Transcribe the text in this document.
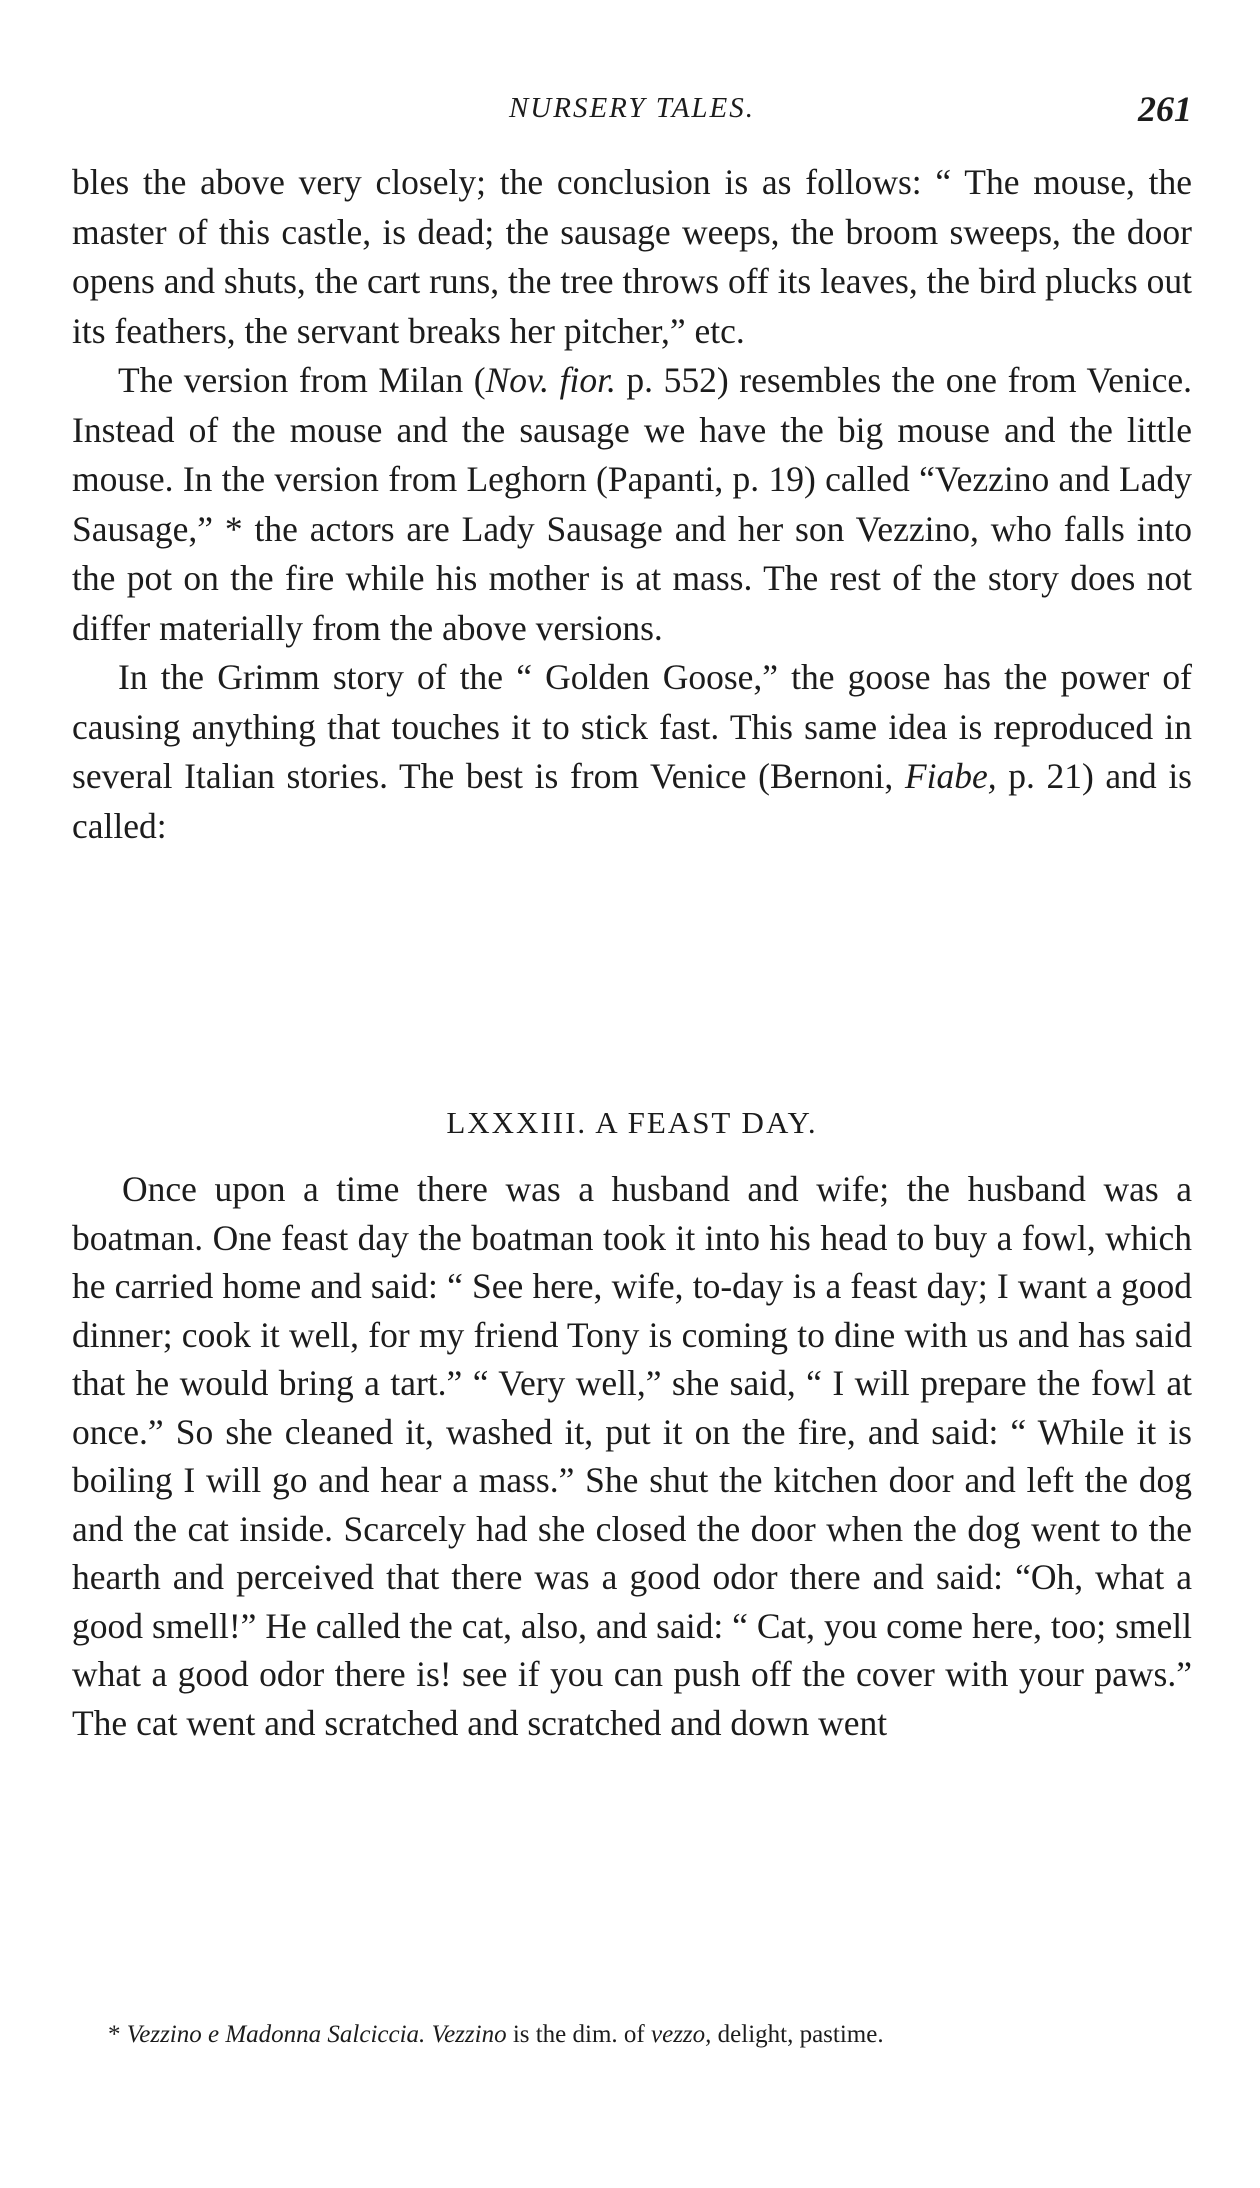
NURSERY TALES.	261

bles the above very closely; the conclusion is as follows: “ The mouse, the master of this castle, is dead; the sausage weeps, the broom sweeps, the door opens and shuts, the cart runs, the tree throws off its leaves, the bird plucks out its feathers, the servant breaks her pitcher,” etc.

The version from Milan (Nov. fior. p. 552) resembles the one from Venice. Instead of the mouse and the sausage we have the big mouse and the little mouse. In the version from Leghorn (Papanti, p. 19) called “Vezzino and Lady Sausage,” * the actors are Lady Sausage and her son Vezzino, who falls into the pot on the fire while his mother is at mass. The rest of the story does not differ materially from the above versions.

In the Grimm story of the “ Golden Goose,” the goose has the power of causing anything that touches it to stick fast. This same idea is reproduced in several Italian stories. The best is from Venice (Bernoni, Fiabe, p. 21) and is called:

LXXXIII. A FEAST DAY.

Once upon a time there was a husband and wife; the husband was a boatman. One feast day the boatman took it into his head to buy a fowl, which he carried home and said: “ See here, wife, to-day is a feast day; I want a good dinner; cook it well, for my friend Tony is coming to dine with us and has said that he would bring a tart.” “ Very well,” she said, “ I will prepare the fowl at once.” So she cleaned it, washed it, put it on the fire, and said: “ While it is boiling I will go and hear a mass.” She shut the kitchen door and left the dog and the cat inside. Scarcely had she closed the door when the dog went to the hearth and perceived that there was a good odor there and said: “Oh, what a good smell!” He called the cat, also, and said: “ Cat, you come here, too; smell what a good odor there is! see if you can push off the cover with your paws.” The cat went and scratched and scratched and down went

* Vezzino e Madonna Salciccia. Vezzino is the dim. of vezzo, delight, pastime.
